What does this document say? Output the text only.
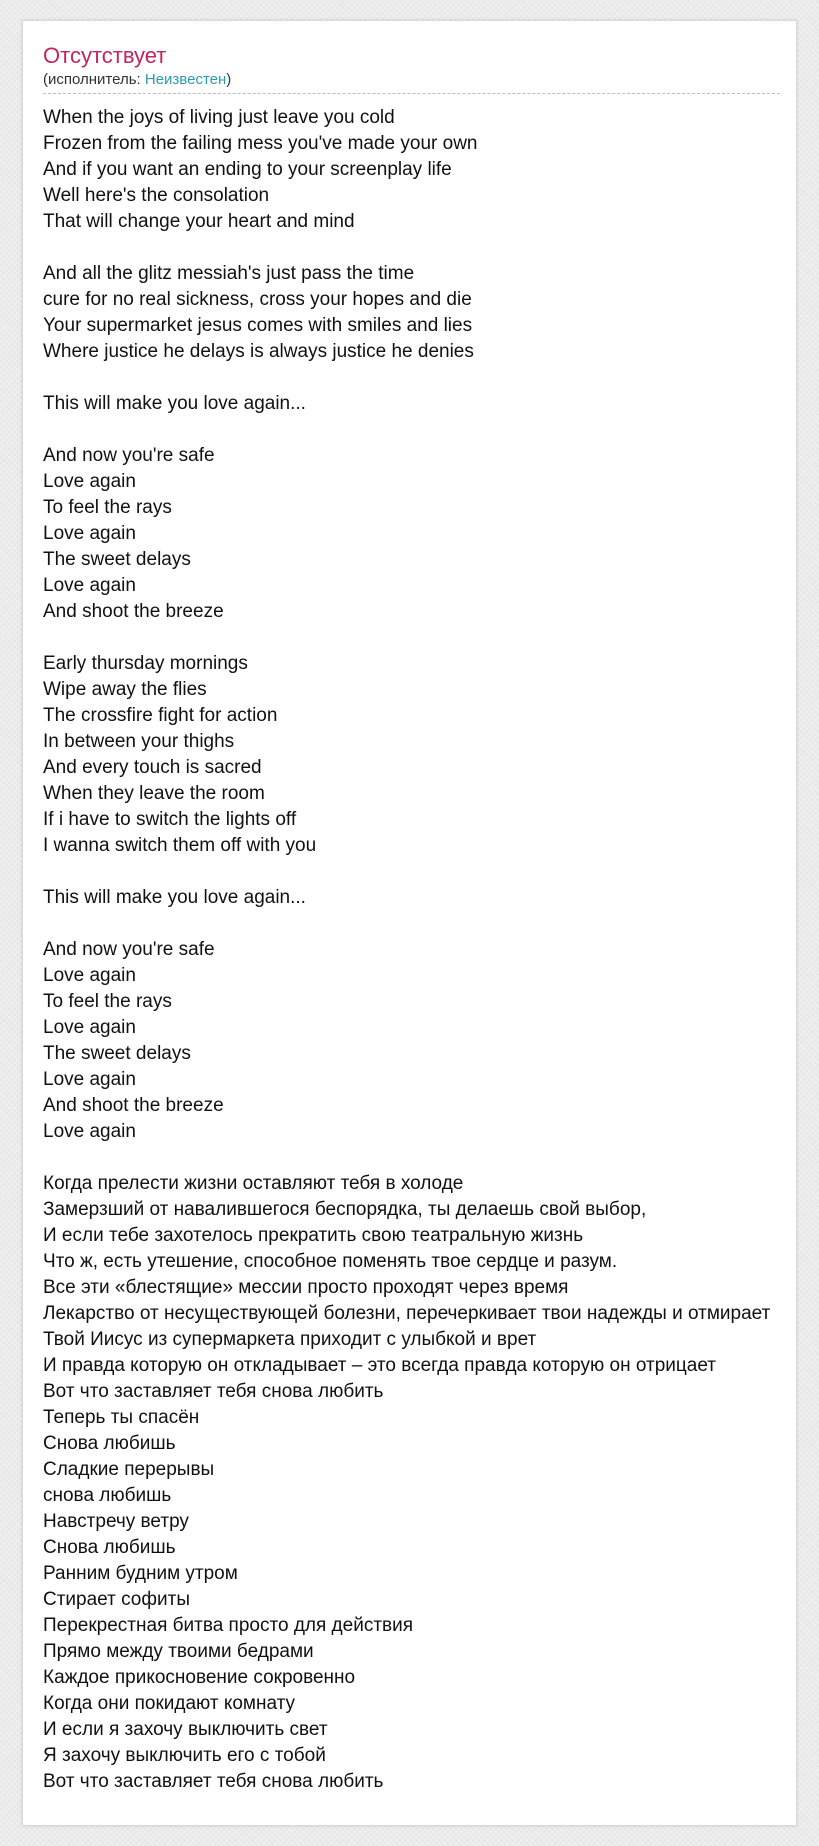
Отсутствует
(исполнитель: Неизвестен)
When the joys of living just leave you cold
Frozen from the failing mess you've made your own
And if you want an ending to your screenplay life
Well here's the consolation
That will change your heart and mind
And all the glitz messiah's just pass the time
cure for no real sickness, cross your hopes and die
Your supermarket jesus comes with smiles and lies
Where justice he delays is always justice he denies
This will make you love again...
And now you're safe
Love again
To feel the rays
Love again
The sweet delays
Love again
And shoot the breeze
Early thursday mornings
Wipe away the flies
The crossfire fight for action
In between your thighs
And every touch is sacred
When they leave the room
If i have to switch the lights off
I wanna switch them off with you
This will make you love again...
And now you're safe
Love again
To feel the rays
Love again
The sweet delays
Love again
And shoot the breeze
Love again
Когда прелести жизни оставляют тебя в холоде
Замерзший от навалившегося беспорядка, ты делаешь свой выбор,
И если тебе захотелось прекратить свою театральную жизнь
Что ж, есть утешение, способное поменять твое сердце и разум.
Все эти «блестящие» мессии просто проходят через время
Лекарство от несуществующей болезни, перечеркивает твои надежды и отмирает
Твой Иисус из супермаркета приходит с улыбкой и врет
И правда которую он откладывает – это всегда правда которую он отрицает
Вот что заставляет тебя снова любить
Теперь ты спасён
Снова любишь
Сладкие перерывы
снова любишь
Навстречу ветру
Снова любишь
Ранним будним утром
Стирает софиты
Перекрестная битва просто для действия
Прямо между твоими бедрами
Каждое прикосновение сокровенно
Когда они покидают комнату
И если я захочу выключить свет
Я захочу выключить его с тобой
Вот что заставляет тебя снова любить
